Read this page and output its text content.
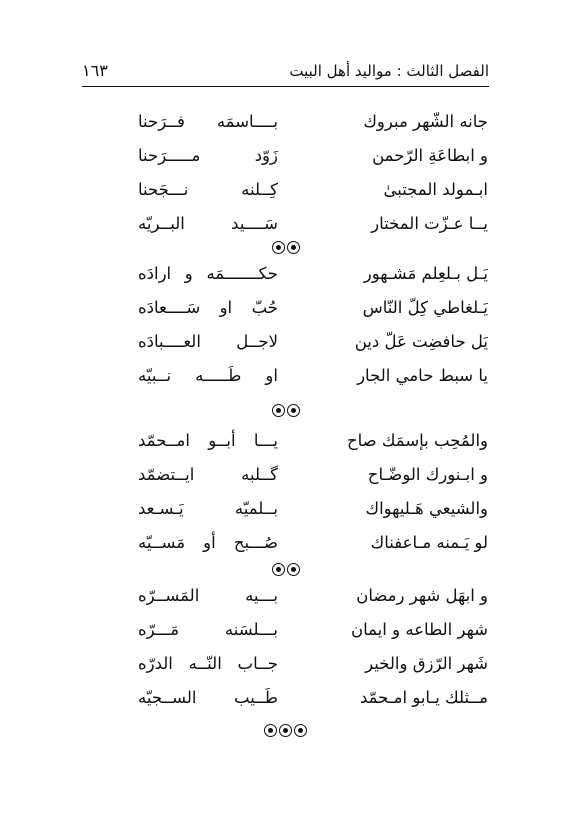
الفصل الثالث : مواليد أهل البيت
١٦٣
جانه الشّهر مبروك
بــــاسمَه فــرَحنا
و ابطاعَةِ الرّحمن
زَوّد مـــــرَحنا
ابـمولد المجتبىٰ
كِــلنه نـــجَحنا
يــا عـزّت المختار
سَــــيد البــريّه
يَـل بـلعِلم مَشـهور
حكـــــــمَه و ارادَه
يَـلغاطي كِلّ النّاس
حُبّ او سَــــعادَه
يَل حافضِت عَلّ دين
لاجــل العــــبادَه
يا سبط حامي الجار
او طَـــــه نــبيّه
والمُحِب بإسمَك صاح
يـــا أبــو امــحمّد
و ابـنورك الوضّـاح
گــلبه ايــتضمّد
والشيعي هَـليهواك
بــلميّه يَـسـعد
لو يَـمنه مـاعفناك
صُـــبح أو مَســيّه
و ابهَل شهر رمضان
بـــيه المَســرّه
شهر الطاعه و ايمان
بـــلسَنه مَـــرّه
شَهر الرّزق والخير
جــاب النّــه الدرّه
مــثلك يـابو امـحمّد
طَــيب الســجيّه
